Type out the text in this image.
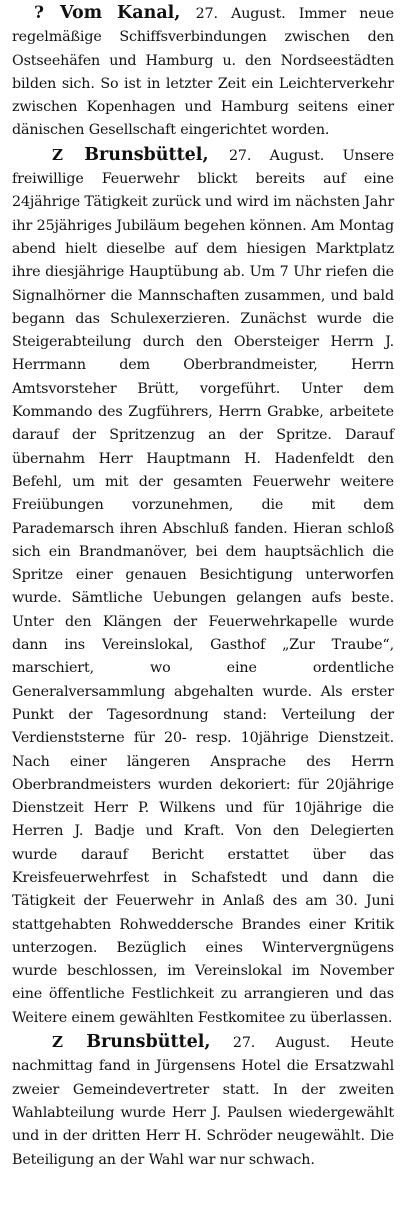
? Vom Kanal, 27. August. Immer neue regelmäßige Schiffsverbindungen zwischen den Ostseehäfen und Hamburg u. den Nordseestädten bilden sich. So ist in letzter Zeit ein Leichterverkehr zwischen Kopenhagen und Hamburg seitens einer dänischen Gesellschaft eingerichtet worden.

Z Brunsbüttel, 27. August. Unsere freiwillige Feuerwehr blickt bereits auf eine 24jährige Tätigkeit zurück und wird im nächsten Jahr ihr 25jähriges Jubiläum begehen können. Am Montag abend hielt dieselbe auf dem hiesigen Marktplatz ihre diesjährige Hauptübung ab. Um 7 Uhr riefen die Signalhörner die Mannschaften zusammen, und bald begann das Schulexerzieren. Zunächst wurde die Steigerabteilung durch den Obersteiger Herrn J. Herrmann dem Oberbrandmeister, Herrn Amtsvorsteher Brütt, vorgeführt. Unter dem Kommando des Zugführers, Herrn Grabke, arbeitete darauf der Spritzenzug an der Spritze. Darauf übernahm Herr Hauptmann H. Hadenfeldt den Befehl, um mit der gesamten Feuerwehr weitere Freiübungen vorzunehmen, die mit dem Parademarsch ihren Abschluß fanden. Hieran schloß sich ein Brandmanöver, bei dem hauptsächlich die Spritze einer genauen Besichtigung unterworfen wurde. Sämtliche Uebungen gelangen aufs beste. Unter den Klängen der Feuerwehrkapelle wurde dann ins Vereinslokal, Gasthof „Zur Traube“, marschiert, wo eine ordentliche Generalversammlung abgehalten wurde. Als erster Punkt der Tagesordnung stand: Verteilung der Verdienststerne für 20- resp. 10jährige Dienstzeit. Nach einer längeren Ansprache des Herrn Oberbrandmeisters wurden dekoriert: für 20jährige Dienstzeit Herr P. Wilkens und für 10jährige die Herren J. Badje und Kraft. Von den Delegierten wurde darauf Bericht erstattet über das Kreisfeuerwehrfest in Schafstedt und dann die Tätigkeit der Feuerwehr in Anlaß des am 30. Juni stattgehabten Rohweddersche Brandes einer Kritik unterzogen. Bezüglich eines Wintervergnügens wurde beschlossen, im Vereinslokal im November eine öffentliche Festlichkeit zu arrangieren und das Weitere einem gewählten Festkomitee zu überlassen.

Z Brunsbüttel, 27. August. Heute nachmittag fand in Jürgensens Hotel die Ersatzwahl zweier Gemeindevertreter statt. In der zweiten Wahlabteilung wurde Herr J. Paulsen wiedergewählt und in der dritten Herr H. Schröder neugewählt. Die Beteiligung an der Wahl war nur schwach.
